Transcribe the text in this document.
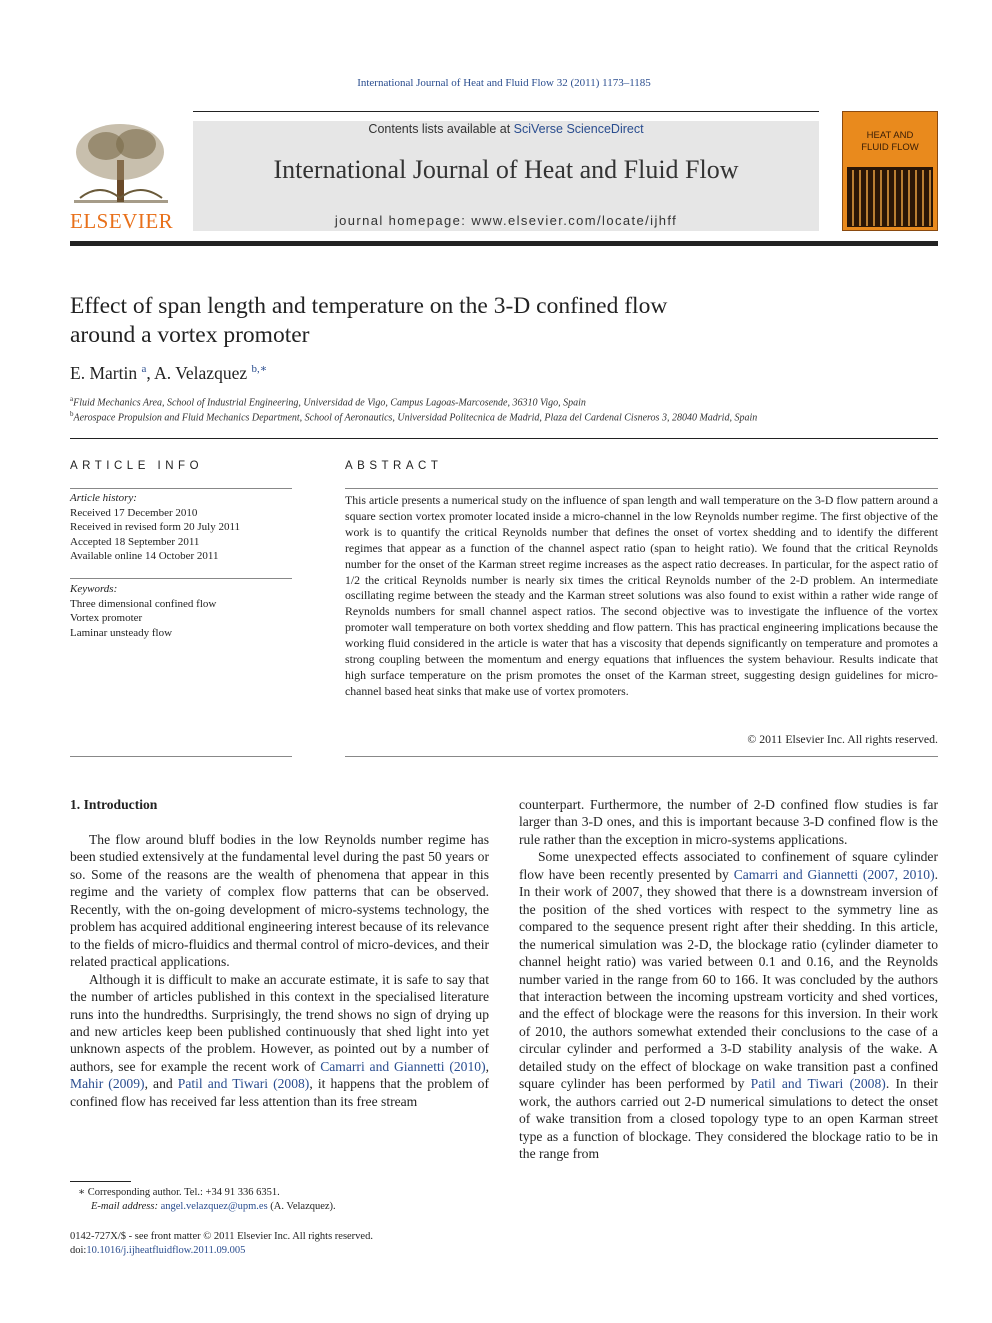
International Journal of Heat and Fluid Flow 32 (2011) 1173–1185
ELSEVIER
Contents lists available at SciVerse ScienceDirect
International Journal of Heat and Fluid Flow
journal homepage: www.elsevier.com/locate/ijhff
HEAT AND
FLUID FLOW
Effect of span length and temperature on the 3-D confined flow
around a vortex promoter
E. Martin $^a$, A. Velazquez $^{b,∗}$
$^a$Fluid Mechanics Area, School of Industrial Engineering, Universidad de Vigo, Campus Lagoas-Marcosende, 36310 Vigo, Spain
$^b$Aerospace Propulsion and Fluid Mechanics Department, School of Aeronautics, Universidad Politecnica de Madrid, Plaza del Cardenal Cisneros 3, 28040 Madrid, Spain
ARTICLE INFO
Article history:
Received 17 December 2010
Received in revised form 20 July 2011
Accepted 18 September 2011
Available online 14 October 2011
Keywords:
Three dimensional confined flow
Vortex promoter
Laminar unsteady flow
ABSTRACT
This article presents a numerical study on the influence of span length and wall temperature on the 3-D flow pattern around a square section vortex promoter located inside a micro-channel in the low Reynolds number regime. The first objective of the work is to quantify the critical Reynolds number that defines the onset of vortex shedding and to identify the different regimes that appear as a function of the channel aspect ratio (span to height ratio). We found that the critical Reynolds number for the onset of the Karman street regime increases as the aspect ratio decreases. In particular, for the aspect ratio of 1/2 the critical Reynolds number is nearly six times the critical Reynolds number of the 2-D problem. An intermediate oscillating regime between the steady and the Karman street solutions was also found to exist within a rather wide range of Reynolds numbers for small channel aspect ratios. The second objective was to investigate the influence of the vortex promoter wall temperature on both vortex shedding and flow pattern. This has practical engineering implications because the working fluid considered in the article is water that has a viscosity that depends significantly on temperature and promotes a strong coupling between the momentum and energy equations that influences the system behaviour. Results indicate that high surface temperature on the prism promotes the onset of the Karman street, suggesting design guidelines for micro-channel based heat sinks that make use of vortex promoters.
© 2011 Elsevier Inc. All rights reserved.
1. Introduction

The flow around bluff bodies in the low Reynolds number regime has been studied extensively at the fundamental level during the past 50 years or so. Some of the reasons are the wealth of phenomena that appear in this regime and the variety of complex flow patterns that can be observed. Recently, with the on-going development of micro-systems technology, the problem has acquired additional engineering interest because of its relevance to the fields of micro-fluidics and thermal control of micro-devices, and their related practical applications.

Although it is difficult to make an accurate estimate, it is safe to say that the number of articles published in this context in the specialised literature runs into the hundredths. Surprisingly, the trend shows no sign of drying up and new articles keep been published continuously that shed light into yet unknown aspects of the problem. However, as pointed out by a number of authors, see for example the recent work of Camarri and Giannetti (2010), Mahir (2009), and Patil and Tiwari (2008), it happens that the problem of confined flow has received far less attention than its free stream

counterpart. Furthermore, the number of 2-D confined flow studies is far larger than 3-D ones, and this is important because 3-D confined flow is the rule rather than the exception in micro-systems applications.

Some unexpected effects associated to confinement of square cylinder flow have been recently presented by Camarri and Giannetti (2007, 2010). In their work of 2007, they showed that there is a downstream inversion of the position of the shed vortices with respect to the symmetry line as compared to the sequence present right after their shedding. In this article, the numerical simulation was 2-D, the blockage ratio (cylinder diameter to channel height ratio) was varied between 0.1 and 0.16, and the Reynolds number varied in the range from 60 to 166. It was concluded by the authors that interaction between the incoming upstream vorticity and shed vortices, and the effect of blockage were the reasons for this inversion. In their work of 2010, the authors somewhat extended their conclusions to the case of a circular cylinder and performed a 3-D stability analysis of the wake. A detailed study on the effect of blockage on wake transition past a confined square cylinder has been performed by Patil and Tiwari (2008). In their work, the authors carried out 2-D numerical simulations to detect the onset of wake transition from a closed topology type to an open Karman street type as a function of blockage. They considered the blockage ratio to be in the range from

∗ Corresponding author. Tel.: +34 91 336 6351.
E-mail address: angel.velazquez@upm.es (A. Velazquez).
0142-727X/$ - see front matter © 2011 Elsevier Inc. All rights reserved.
doi:10.1016/j.ijheatfluidflow.2011.09.005
